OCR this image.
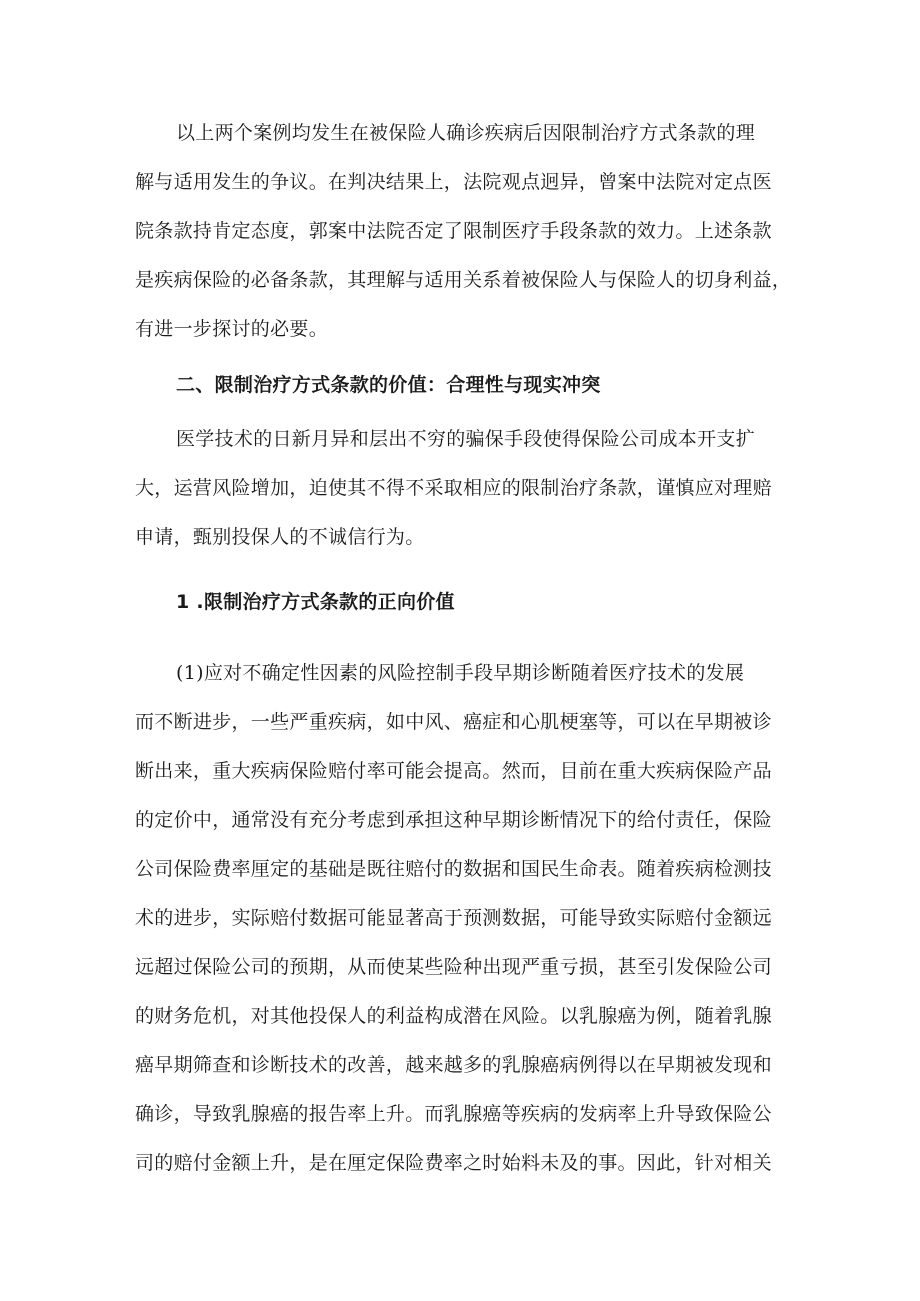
以上两个案例均发生在被保险人确诊疾病后因限制治疗方式条款的理
解与适用发生的争议。在判决结果上，法院观点迥异，曾案中法院对定点医
院条款持肯定态度，郭案中法院否定了限制医疗手段条款的效力。上述条款
是疾病保险的必备条款，其理解与适用关系着被保险人与保险人的切身利益，
有进一步探讨的必要。
二、限制治疗方式条款的价值：合理性与现实冲突
医学技术的日新月异和层出不穷的骗保手段使得保险公司成本开支扩
大，运营风险增加，迫使其不得不采取相应的限制治疗条款，谨慎应对理赔
申请，甄别投保人的不诚信行为。
1 .限制治疗方式条款的正向价值
(1)应对不确定性因素的风险控制手段早期诊断随着医疗技术的发展
而不断进步，一些严重疾病，如中风、癌症和心肌梗塞等，可以在早期被诊
断出来，重大疾病保险赔付率可能会提高。然而，目前在重大疾病保险产品
的定价中，通常没有充分考虑到承担这种早期诊断情况下的给付责任，保险
公司保险费率厘定的基础是既往赔付的数据和国民生命表。随着疾病检测技
术的进步，实际赔付数据可能显著高于预测数据，可能导致实际赔付金额远
远超过保险公司的预期，从而使某些险种出现严重亏损，甚至引发保险公司
的财务危机，对其他投保人的利益构成潜在风险。以乳腺癌为例，随着乳腺
癌早期筛查和诊断技术的改善，越来越多的乳腺癌病例得以在早期被发现和
确诊，导致乳腺癌的报告率上升。而乳腺癌等疾病的发病率上升导致保险公
司的赔付金额上升，是在厘定保险费率之时始料未及的事。因此，针对相关
